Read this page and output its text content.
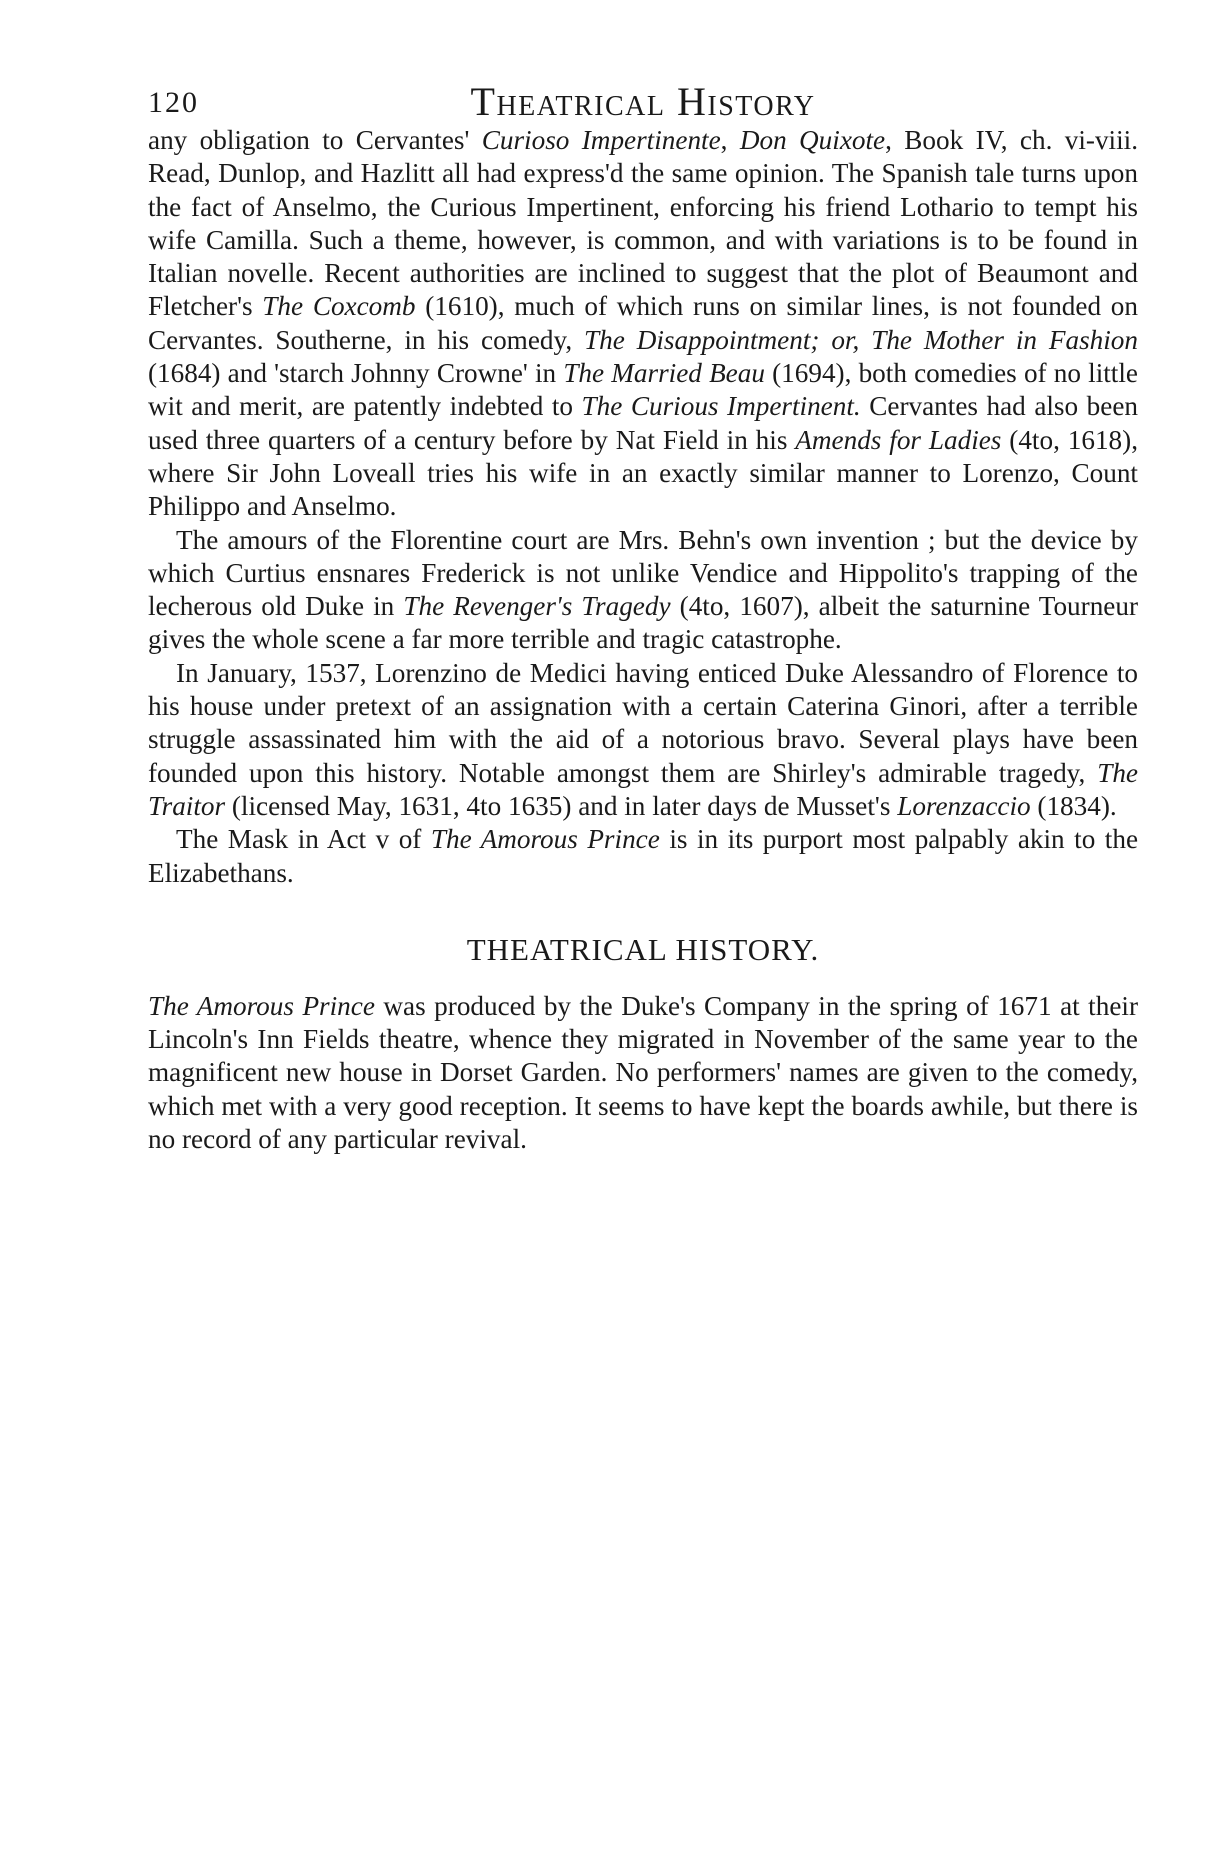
120	Theatrical History

any obligation to Cervantes' Curioso Impertinente, Don Quixote, Book IV, ch. vi-viii. Read, Dunlop, and Hazlitt all had express'd the same opinion. The Spanish tale turns upon the fact of Anselmo, the Curious Impertinent, enforcing his friend Lothario to tempt his wife Camilla. Such a theme, however, is common, and with variations is to be found in Italian novelle. Recent authorities are inclined to suggest that the plot of Beaumont and Fletcher's The Coxcomb (1610), much of which runs on similar lines, is not founded on Cervantes. Southerne, in his comedy, The Disappointment; or, The Mother in Fashion (1684) and 'starch Johnny Crowne' in The Married Beau (1694), both comedies of no little wit and merit, are patently indebted to The Curious Impertinent. Cervantes had also been used three quarters of a century before by Nat Field in his Amends for Ladies (4to, 1618), where Sir John Loveall tries his wife in an exactly similar manner to Lorenzo, Count Philippo and Anselmo.

The amours of the Florentine court are Mrs. Behn's own invention ; but the device by which Curtius ensnares Frederick is not unlike Vendice and Hippolito's trapping of the lecherous old Duke in The Revenger's Tragedy (4to, 1607), albeit the saturnine Tourneur gives the whole scene a far more terrible and tragic catastrophe.

In January, 1537, Lorenzino de Medici having enticed Duke Alessandro of Florence to his house under pretext of an assignation with a certain Caterina Ginori, after a terrible struggle assassinated him with the aid of a notorious bravo. Several plays have been founded upon this history. Notable amongst them are Shirley's admirable tragedy, The Traitor (licensed May, 1631, 4to 1635) and in later days de Musset's Lorenzaccio (1834).

The Mask in Act v of The Amorous Prince is in its purport most palpably akin to the Elizabethans.

THEATRICAL HISTORY.

The Amorous Prince was produced by the Duke's Company in the spring of 1671 at their Lincoln's Inn Fields theatre, whence they migrated in November of the same year to the magnificent new house in Dorset Garden. No performers' names are given to the comedy, which met with a very good reception. It seems to have kept the boards awhile, but there is no record of any particular revival.
